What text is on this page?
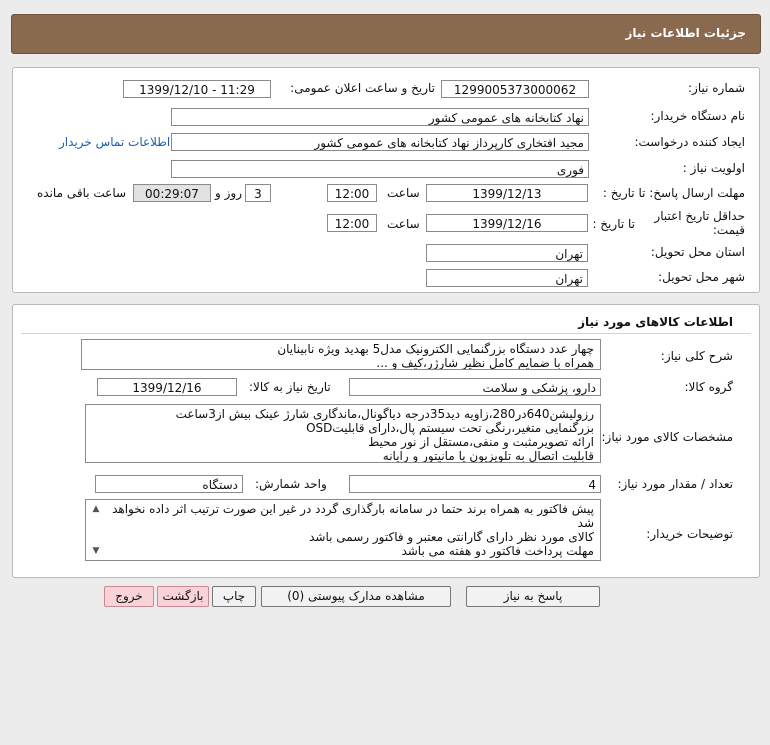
جزئیات اطلاعات نیاز
شماره نیاز:
1299005373000062
تاریخ و ساعت اعلان عمومی:
1399/12/10 - 11:29
نام دستگاه خریدار:
نهاد کتابخانه های عمومی کشور
ایجاد کننده درخواست:
مجید افتخاری کارپرداز نهاد کتابخانه های عمومی کشور
اطلاعات تماس خریدار
اولویت نیاز :
فوری
مهلت ارسال پاسخ: تا تاریخ :
1399/12/13
ساعت
12:00
3
روز و
00:29:07
ساعت باقی مانده
حداقل تاریخ اعتبار
قیمت:
تا تاریخ :
1399/12/16
ساعت
12:00
استان محل تحویل:
تهران
شهر محل تحویل:
تهران
اطلاعات کالاهای مورد نیاز
شرح کلی نیاز:
چهار عدد دستگاه بزرگنمایی الکترونیک مدل5 بهدید ویژه نابینایان
همراه با ضمایم کامل نظیر شارژر،کیف و ...
گروه کالا:
دارو، پزشکی و سلامت
تاریخ نیاز به کالا:
1399/12/16
مشخصات کالای مورد نیاز:
رزولیشن640در280،زاویه دید35درجه دیاگونال،ماندگاری شارژ عینک بیش از3ساعت
بزرگنمایی متغیر،رنگی تحت سیستم پال،دارای قابلیتOSD
ارائه تصویرمثبت و منفی،مستقل از نور محیط
قابلیت اتصال به تلویزیون یا مانیتور و رایانه
تعداد / مقدار مورد نیاز:
4
واحد شمارش:
دستگاه
توضیحات خریدار:
پیش فاکتور به همراه برند حتما در سامانه بارگذاری گردد در غیر این صورت ترتیب اثر داده نخواهد
شد
کالای مورد نظر دارای گارانتی معتبر و فاکتور رسمی باشد
مهلت پرداخت فاکتور دو هفته می باشد
▲
▼
پاسخ به نیاز
مشاهده مدارک پیوستی (0)
چاپ
بازگشت
خروج
